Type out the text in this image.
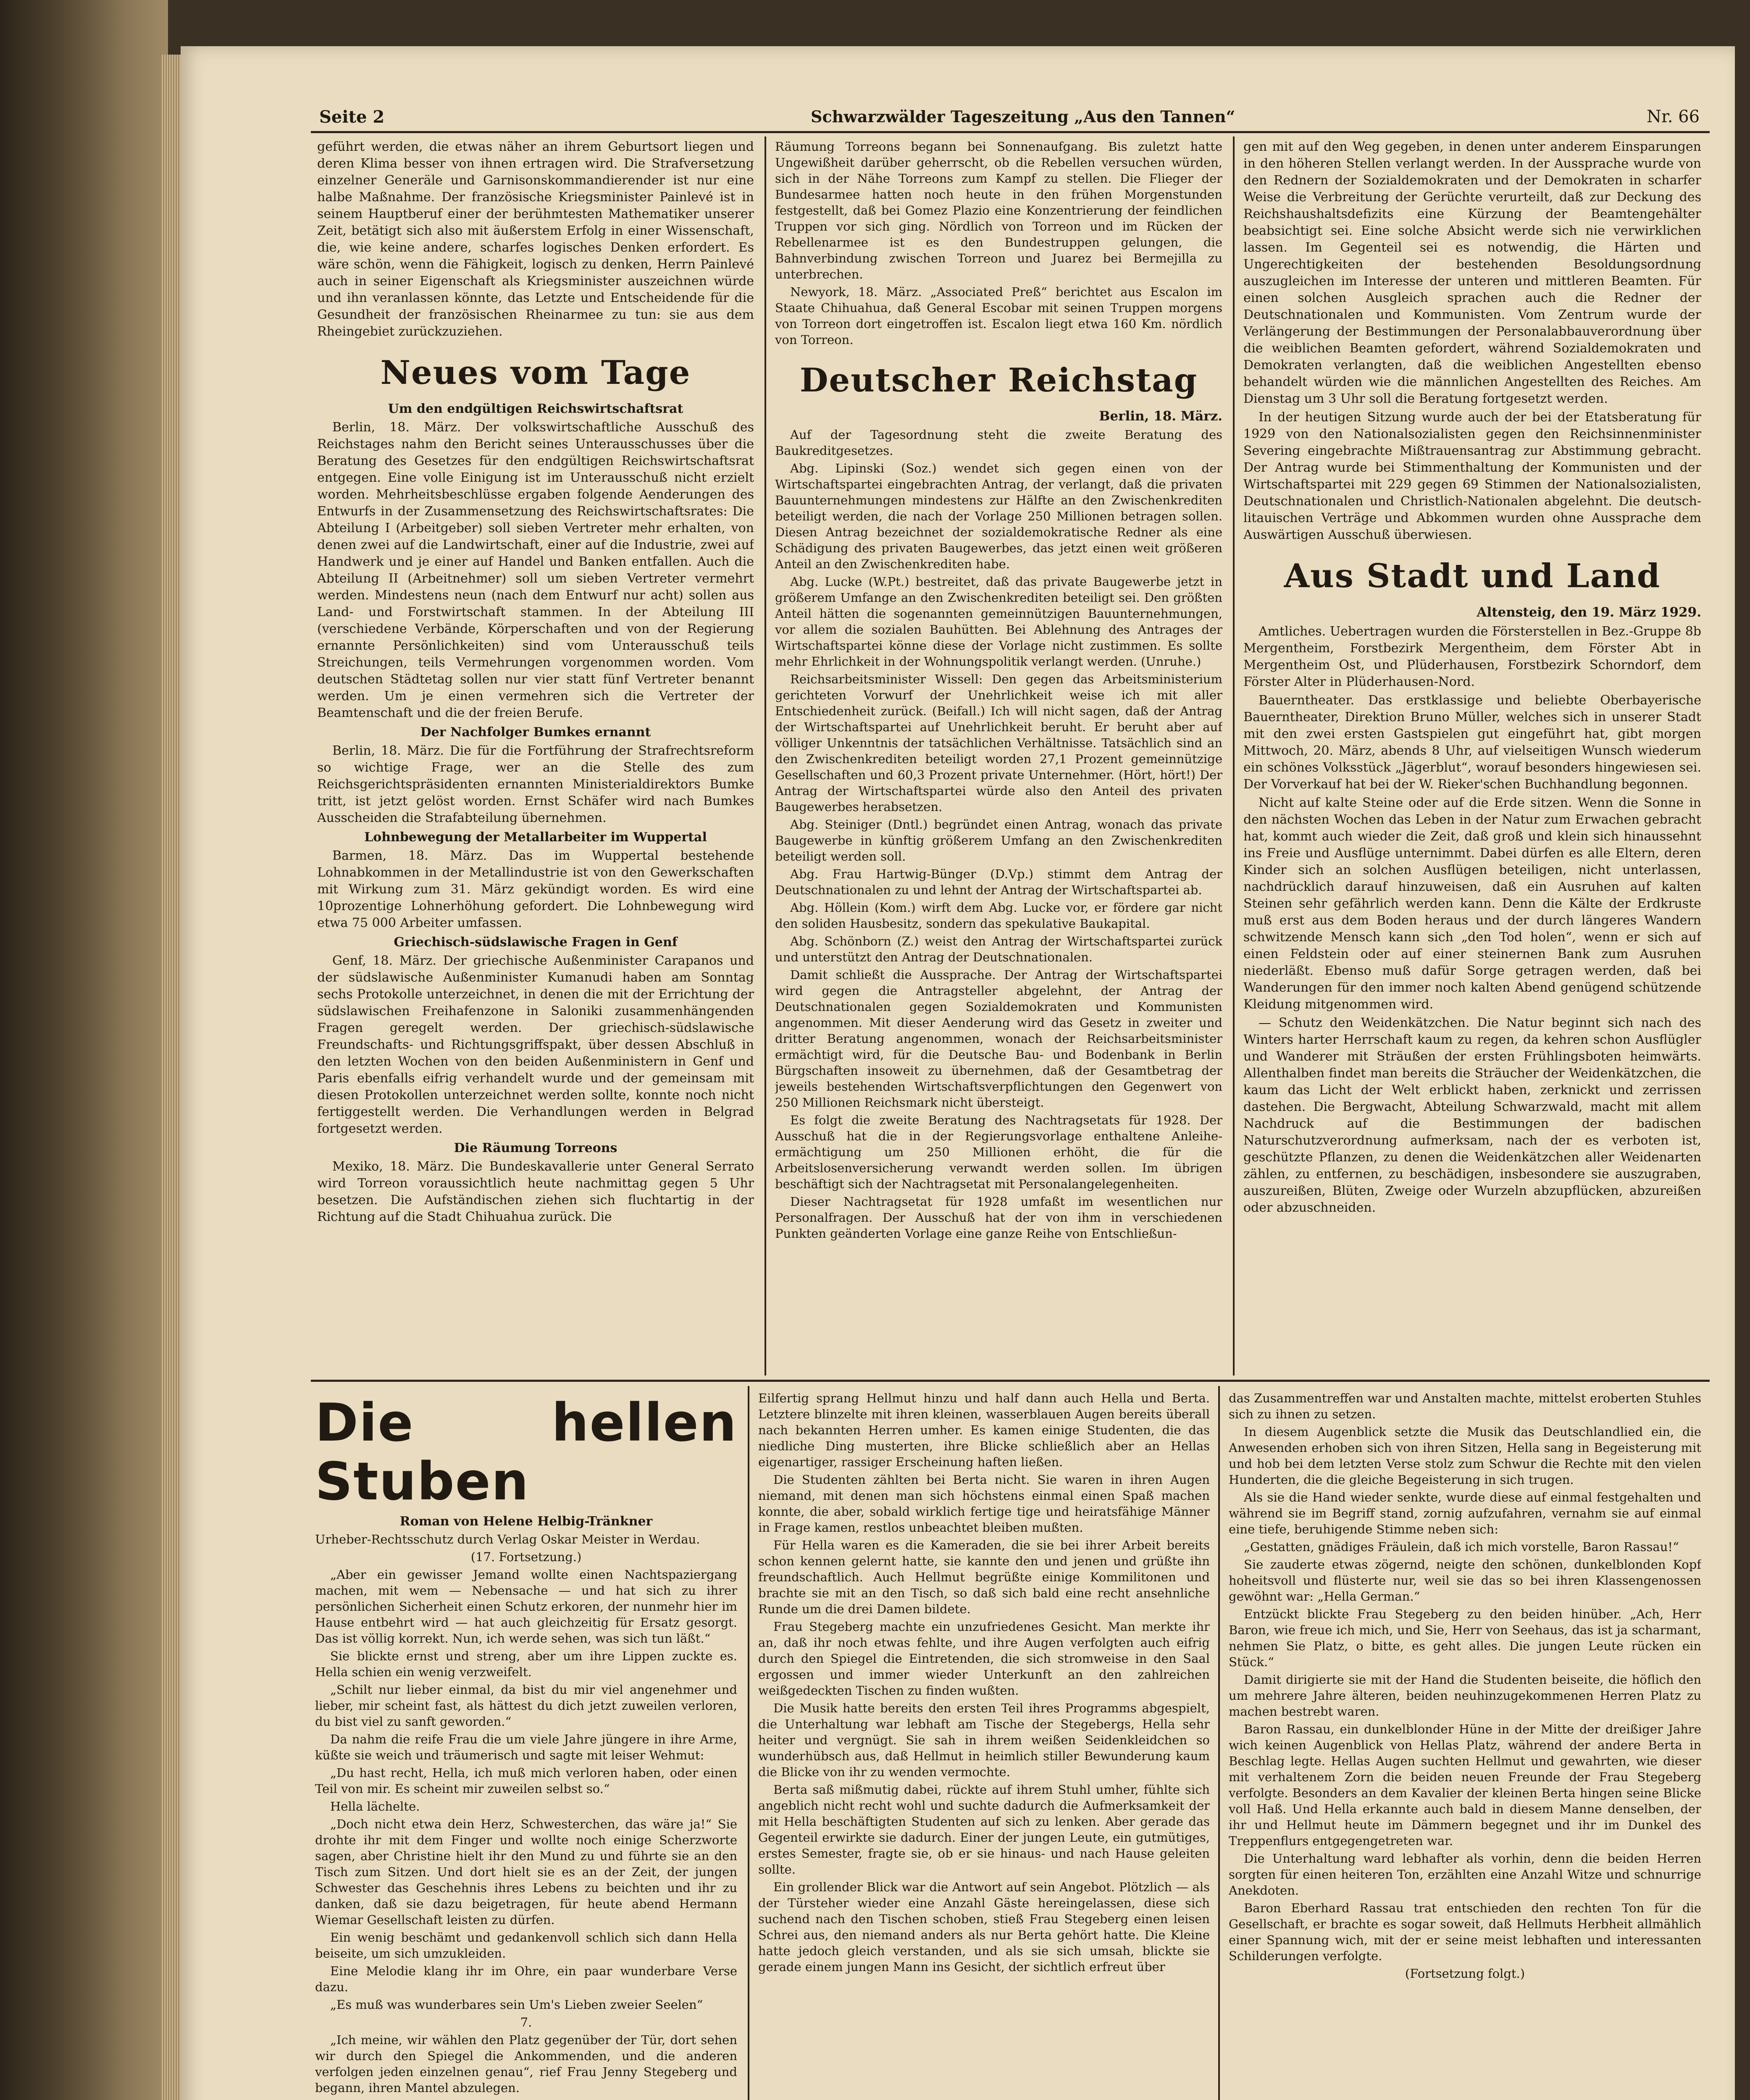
Seite 2	Schwarzwälder Tageszeitung „Aus den Tannen“	Nr. 66

geführt werden, die etwas näher an ihrem Geburtsort liegen und deren Klima besser von ihnen ertragen wird. Die Strafversetzung einzelner Generäle und Garnisonskommandierender ist nur eine halbe Maßnahme. Der französische Kriegsminister Painlevé ist in seinem Hauptberuf einer der berühmtesten Mathematiker unserer Zeit, betätigt sich also mit äußerstem Erfolg in einer Wissenschaft, die, wie keine andere, scharfes logisches Denken erfordert. Es wäre schön, wenn die Fähigkeit, logisch zu denken, Herrn Painlevé auch in seiner Eigenschaft als Kriegsminister auszeichnen würde und ihn veranlassen könnte, das Letzte und Entscheidende für die Gesundheit der französischen Rheinarmee zu tun: sie aus dem Rheingebiet zurückzuziehen.

Neues vom Tage
Um den endgültigen Reichswirtschaftsrat

Berlin, 18. März. Der volkswirtschaftliche Ausschuß des Reichstages nahm den Bericht seines Unterausschusses über die Beratung des Gesetzes für den endgültigen Reichswirtschaftsrat entgegen. Eine volle Einigung ist im Unterausschuß nicht erzielt worden. Mehrheitsbeschlüsse ergaben folgende Aenderungen des Entwurfs in der Zusammensetzung des Reichswirtschaftsrates: Die Abteilung I (Arbeitgeber) soll sieben Vertreter mehr erhalten, von denen zwei auf die Landwirtschaft, einer auf die Industrie, zwei auf Handwerk und je einer auf Handel und Banken entfallen. Auch die Abteilung II (Arbeitnehmer) soll um sieben Vertreter vermehrt werden. Mindestens neun (nach dem Entwurf nur acht) sollen aus Land- und Forstwirtschaft stammen. In der Abteilung III (verschiedene Verbände, Körperschaften und von der Regierung ernannte Persönlichkeiten) sind vom Unterausschuß teils Streichungen, teils Vermehrungen vorgenommen worden. Vom deutschen Städtetag sollen nur vier statt fünf Vertreter benannt werden. Um je einen vermehren sich die Vertreter der Beamtenschaft und die der freien Berufe.

Der Nachfolger Bumkes ernannt

Berlin, 18. März. Die für die Fortführung der Strafrechtsreform so wichtige Frage, wer an die Stelle des zum Reichsgerichtspräsidenten ernannten Ministerialdirektors Bumke tritt, ist jetzt gelöst worden. Ernst Schäfer wird nach Bumkes Ausscheiden die Strafabteilung übernehmen.

Lohnbewegung der Metallarbeiter im Wuppertal

Barmen, 18. März. Das im Wuppertal bestehende Lohnabkommen in der Metallindustrie ist von den Gewerkschaften mit Wirkung zum 31. März gekündigt worden. Es wird eine 10prozentige Lohnerhöhung gefordert. Die Lohnbewegung wird etwa 75 000 Arbeiter umfassen.

Griechisch-südslawische Fragen in Genf

Genf, 18. März. Der griechische Außenminister Carapanos und der südslawische Außenminister Kumanudi haben am Sonntag sechs Protokolle unterzeichnet, in denen die mit der Errichtung der südslawischen Freihafenzone in Saloniki zusammenhängenden Fragen geregelt werden. Der griechisch-südslawische Freundschafts- und Richtungsgriffspakt, über dessen Abschluß in den letzten Wochen von den beiden Außenministern in Genf und Paris ebenfalls eifrig verhandelt wurde und der gemeinsam mit diesen Protokollen unterzeichnet werden sollte, konnte noch nicht fertiggestellt werden. Die Verhandlungen werden in Belgrad fortgesetzt werden.

Die Räumung Torreons

Mexiko, 18. März. Die Bundeskavallerie unter General Serrato wird Torreon voraussichtlich heute nachmittag gegen 5 Uhr besetzen. Die Aufständischen ziehen sich fluchtartig in der Richtung auf die Stadt Chihuahua zurück. Die

Räumung Torreons begann bei Sonnenaufgang. Bis zuletzt hatte Ungewißheit darüber geherrscht, ob die Rebellen versuchen würden, sich in der Nähe Torreons zum Kampf zu stellen. Die Flieger der Bundesarmee hatten noch heute in den frühen Morgenstunden festgestellt, daß bei Gomez Plazio eine Konzentrierung der feindlichen Truppen vor sich ging. Nördlich von Torreon und im Rücken der Rebellenarmee ist es den Bundestruppen gelungen, die Bahnverbindung zwischen Torreon und Juarez bei Bermejilla zu unterbrechen.

Newyork, 18. März. „Associated Preß“ berichtet aus Escalon im Staate Chihuahua, daß General Escobar mit seinen Truppen morgens von Torreon dort eingetroffen ist. Escalon liegt etwa 160 Km. nördlich von Torreon.

Deutscher Reichstag
Berlin, 18. März.

Auf der Tagesordnung steht die zweite Beratung des Baukreditgesetzes.

Abg. Lipinski (Soz.) wendet sich gegen einen von der Wirtschaftspartei eingebrachten Antrag, der verlangt, daß die privaten Bauunternehmungen mindestens zur Hälfte an den Zwischenkrediten beteiligt werden, die nach der Vorlage 250 Millionen betragen sollen. Diesen Antrag bezeichnet der sozialdemokratische Redner als eine Schädigung des privaten Baugewerbes, das jetzt einen weit größeren Anteil an den Zwischenkrediten habe.

Abg. Lucke (W.Pt.) bestreitet, daß das private Baugewerbe jetzt in größerem Umfange an den Zwischenkrediten beteiligt sei. Den größten Anteil hätten die sogenannten gemeinnützigen Bauunternehmungen, vor allem die sozialen Bauhütten. Bei Ablehnung des Antrages der Wirtschaftspartei könne diese der Vorlage nicht zustimmen. Es sollte mehr Ehrlichkeit in der Wohnungspolitik verlangt werden. (Unruhe.)

Reichsarbeitsminister Wissell: Den gegen das Arbeitsministerium gerichteten Vorwurf der Unehrlichkeit weise ich mit aller Entschiedenheit zurück. (Beifall.) Ich will nicht sagen, daß der Antrag der Wirtschaftspartei auf Unehrlichkeit beruht. Er beruht aber auf völliger Unkenntnis der tatsächlichen Verhältnisse. Tatsächlich sind an den Zwischenkrediten beteiligt worden 27,1 Prozent gemeinnützige Gesellschaften und 60,3 Prozent private Unternehmer. (Hört, hört!) Der Antrag der Wirtschaftspartei würde also den Anteil des privaten Baugewerbes herabsetzen.

Abg. Steiniger (Dntl.) begründet einen Antrag, wonach das private Baugewerbe in künftig größerem Umfang an den Zwischenkrediten beteiligt werden soll.

Abg. Frau Hartwig-Bünger (D.Vp.) stimmt dem Antrag der Deutschnationalen zu und lehnt der Antrag der Wirtschaftspartei ab.

Abg. Höllein (Kom.) wirft dem Abg. Lucke vor, er fördere gar nicht den soliden Hausbesitz, sondern das spekulative Baukapital.

Abg. Schönborn (Z.) weist den Antrag der Wirtschaftspartei zurück und unterstützt den Antrag der Deutschnationalen.

Damit schließt die Aussprache. Der Antrag der Wirtschaftspartei wird gegen die Antragsteller abgelehnt, der Antrag der Deutschnationalen gegen Sozialdemokraten und Kommunisten angenommen. Mit dieser Aenderung wird das Gesetz in zweiter und dritter Beratung angenommen, wonach der Reichsarbeitsminister ermächtigt wird, für die Deutsche Bau- und Bodenbank in Berlin Bürgschaften insoweit zu übernehmen, daß der Gesamtbetrag der jeweils bestehenden Wirtschaftsverpflichtungen den Gegenwert von 250 Millionen Reichsmark nicht übersteigt.

Es folgt die zweite Beratung des Nachtragsetats für 1928. Der Ausschuß hat die in der Regierungsvorlage enthaltene Anleihe-ermächtigung um 250 Millionen erhöht, die für die Arbeitslosenversicherung verwandt werden sollen. Im übrigen beschäftigt sich der Nachtragsetat mit Personalangelegenheiten.

Dieser Nachtragsetat für 1928 umfaßt im wesentlichen nur Personalfragen. Der Ausschuß hat der von ihm in verschiedenen Punkten geänderten Vorlage eine ganze Reihe von Entschließun-

gen mit auf den Weg gegeben, in denen unter anderem Einsparungen in den höheren Stellen verlangt werden. In der Aussprache wurde von den Rednern der Sozialdemokraten und der Demokraten in scharfer Weise die Verbreitung der Gerüchte verurteilt, daß zur Deckung des Reichshaushaltsdefizits eine Kürzung der Beamtengehälter beabsichtigt sei. Eine solche Absicht werde sich nie verwirklichen lassen. Im Gegenteil sei es notwendig, die Härten und Ungerechtigkeiten der bestehenden Besoldungsordnung auszugleichen im Interesse der unteren und mittleren Beamten. Für einen solchen Ausgleich sprachen auch die Redner der Deutschnationalen und Kommunisten. Vom Zentrum wurde der Verlängerung der Bestimmungen der Personalabbauverordnung über die weiblichen Beamten gefordert, während Sozialdemokraten und Demokraten verlangten, daß die weiblichen Angestellten ebenso behandelt würden wie die männlichen Angestellten des Reiches. Am Dienstag um 3 Uhr soll die Beratung fortgesetzt werden.

In der heutigen Sitzung wurde auch der bei der Etatsberatung für 1929 von den Nationalsozialisten gegen den Reichsinnenminister Severing eingebrachte Mißtrauensantrag zur Abstimmung gebracht. Der Antrag wurde bei Stimmenthaltung der Kommunisten und der Wirtschaftspartei mit 229 gegen 69 Stimmen der Nationalsozialisten, Deutschnationalen und Christlich-Nationalen abgelehnt. Die deutsch-litauischen Verträge und Abkommen wurden ohne Aussprache dem Auswärtigen Ausschuß überwiesen.

Aus Stadt und Land
Altensteig, den 19. März 1929.

Amtliches. Uebertragen wurden die Försterstellen in Bez.-Gruppe 8b Mergentheim, Forstbezirk Mergentheim, dem Förster Abt in Mergentheim Ost, und Plüderhausen, Forstbezirk Schorndorf, dem Förster Alter in Plüderhausen-Nord.

Bauerntheater. Das erstklassige und beliebte Oberbayerische Bauerntheater, Direktion Bruno Müller, welches sich in unserer Stadt mit den zwei ersten Gastspielen gut eingeführt hat, gibt morgen Mittwoch, 20. März, abends 8 Uhr, auf vielseitigen Wunsch wiederum ein schönes Volksstück „Jägerblut“, worauf besonders hingewiesen sei. Der Vorverkauf hat bei der W. Rieker'schen Buchhandlung begonnen.

Nicht auf kalte Steine oder auf die Erde sitzen. Wenn die Sonne in den nächsten Wochen das Leben in der Natur zum Erwachen gebracht hat, kommt auch wieder die Zeit, daß groß und klein sich hinaussehnt ins Freie und Ausflüge unternimmt. Dabei dürfen es alle Eltern, deren Kinder sich an solchen Ausflügen beteiligen, nicht unterlassen, nachdrücklich darauf hinzuweisen, daß ein Ausruhen auf kalten Steinen sehr gefährlich werden kann. Denn die Kälte der Erdkruste muß erst aus dem Boden heraus und der durch längeres Wandern schwitzende Mensch kann sich „den Tod holen“, wenn er sich auf einen Feldstein oder auf einer steinernen Bank zum Ausruhen niederläßt. Ebenso muß dafür Sorge getragen werden, daß bei Wanderungen für den immer noch kalten Abend genügend schützende Kleidung mitgenommen wird.

— Schutz den Weidenkätzchen. Die Natur beginnt sich nach des Winters harter Herrschaft kaum zu regen, da kehren schon Ausflügler und Wanderer mit Sträußen der ersten Frühlingsboten heimwärts. Allenthalben findet man bereits die Sträucher der Weidenkätzchen, die kaum das Licht der Welt erblickt haben, zerknickt und zerrissen dastehen. Die Bergwacht, Abteilung Schwarzwald, macht mit allem Nachdruck auf die Bestimmungen der badischen Naturschutzverordnung aufmerksam, nach der es verboten ist, geschützte Pflanzen, zu denen die Weidenkätzchen aller Weidenarten zählen, zu entfernen, zu beschädigen, insbesondere sie auszugraben, auszureißen, Blüten, Zweige oder Wurzeln abzupflücken, abzureißen oder abzuschneiden.

Die hellen Stuben
Roman von Helene Helbig-Tränkner

Urheber-Rechtsschutz durch Verlag Oskar Meister in Werdau.

(17. Fortsetzung.)

„Aber ein gewisser Jemand wollte einen Nachtspaziergang machen, mit wem — Nebensache — und hat sich zu ihrer persönlichen Sicherheit einen Schutz erkoren, der nunmehr hier im Hause entbehrt wird — hat auch gleichzeitig für Ersatz gesorgt. Das ist völlig korrekt. Nun, ich werde sehen, was sich tun läßt.“

Sie blickte ernst und streng, aber um ihre Lippen zuckte es. Hella schien ein wenig verzweifelt.

„Schilt nur lieber einmal, da bist du mir viel angenehmer und lieber, mir scheint fast, als hättest du dich jetzt zuweilen verloren, du bist viel zu sanft geworden.“

Da nahm die reife Frau die um viele Jahre jüngere in ihre Arme, küßte sie weich und träumerisch und sagte mit leiser Wehmut:

„Du hast recht, Hella, ich muß mich verloren haben, oder einen Teil von mir. Es scheint mir zuweilen selbst so.“

Hella lächelte.

„Doch nicht etwa dein Herz, Schwesterchen, das wäre ja!“ Sie drohte ihr mit dem Finger und wollte noch einige Scherzworte sagen, aber Christine hielt ihr den Mund zu und führte sie an den Tisch zum Sitzen. Und dort hielt sie es an der Zeit, der jungen Schwester das Geschehnis ihres Lebens zu beichten und ihr zu danken, daß sie dazu beigetragen, für heute abend Hermann Wiemar Gesellschaft leisten zu dürfen.

Ein wenig beschämt und gedankenvoll schlich sich dann Hella beiseite, um sich umzukleiden.

Eine Melodie klang ihr im Ohre, ein paar wunderbare Verse dazu.

„Es muß was wunderbares sein Um's Lieben zweier Seelen“

7.

„Ich meine, wir wählen den Platz gegenüber der Tür, dort sehen wir durch den Spiegel die Ankommenden, und die anderen verfolgen jeden einzelnen genau“, rief Frau Jenny Stegeberg und begann, ihren Mantel abzulegen.

Eilfertig sprang Hellmut hinzu und half dann auch Hella und Berta. Letztere blinzelte mit ihren kleinen, wasserblauen Augen bereits überall nach bekannten Herren umher. Es kamen einige Studenten, die das niedliche Ding musterten, ihre Blicke schließlich aber an Hellas eigenartiger, rassiger Erscheinung haften ließen.

Die Studenten zählten bei Berta nicht. Sie waren in ihren Augen niemand, mit denen man sich höchstens einmal einen Spaß machen konnte, die aber, sobald wirklich fertige tige und heiratsfähige Männer in Frage kamen, restlos unbeachtet bleiben mußten.

Für Hella waren es die Kameraden, die sie bei ihrer Arbeit bereits schon kennen gelernt hatte, sie kannte den und jenen und grüßte ihn freundschaftlich. Auch Hellmut begrüßte einige Kommilitonen und brachte sie mit an den Tisch, so daß sich bald eine recht ansehnliche Runde um die drei Damen bildete.

Frau Stegeberg machte ein unzufriedenes Gesicht. Man merkte ihr an, daß ihr noch etwas fehlte, und ihre Augen verfolgten auch eifrig durch den Spiegel die Eintretenden, die sich stromweise in den Saal ergossen und immer wieder Unterkunft an den zahlreichen weißgedeckten Tischen zu finden wußten.

Die Musik hatte bereits den ersten Teil ihres Programms abgespielt, die Unterhaltung war lebhaft am Tische der Stegebergs, Hella sehr heiter und vergnügt. Sie sah in ihrem weißen Seidenkleidchen so wunderhübsch aus, daß Hellmut in heimlich stiller Bewunderung kaum die Blicke von ihr zu wenden vermochte.

Berta saß mißmutig dabei, rückte auf ihrem Stuhl umher, fühlte sich angeblich nicht recht wohl und suchte dadurch die Aufmerksamkeit der mit Hella beschäftigten Studenten auf sich zu lenken. Aber gerade das Gegenteil erwirkte sie dadurch. Einer der jungen Leute, ein gutmütiges, erstes Semester, fragte sie, ob er sie hinaus- und nach Hause geleiten sollte.

Ein grollender Blick war die Antwort auf sein Angebot. Plötzlich — als der Türsteher wieder eine Anzahl Gäste hereingelassen, diese sich suchend nach den Tischen schoben, stieß Frau Stegeberg einen leisen Schrei aus, den niemand anders als nur Berta gehört hatte. Die Kleine hatte jedoch gleich verstanden, und als sie sich umsah, blickte sie gerade einem jungen Mann ins Gesicht, der sichtlich erfreut über

das Zusammentreffen war und Anstalten machte, mittelst eroberten Stuhles sich zu ihnen zu setzen.

In diesem Augenblick setzte die Musik das Deutschlandlied ein, die Anwesenden erhoben sich von ihren Sitzen, Hella sang in Begeisterung mit und hob bei dem letzten Verse stolz zum Schwur die Rechte mit den vielen Hunderten, die die gleiche Begeisterung in sich trugen.

Als sie die Hand wieder senkte, wurde diese auf einmal festgehalten und während sie im Begriff stand, zornig aufzufahren, vernahm sie auf einmal eine tiefe, beruhigende Stimme neben sich:

„Gestatten, gnädiges Fräulein, daß ich mich vorstelle, Baron Rassau!“

Sie zauderte etwas zögernd, neigte den schönen, dunkelblonden Kopf hoheitsvoll und flüsterte nur, weil sie das so bei ihren Klassengenossen gewöhnt war: „Hella German.“

Entzückt blickte Frau Stegeberg zu den beiden hinüber. „Ach, Herr Baron, wie freue ich mich, und Sie, Herr von Seehaus, das ist ja scharmant, nehmen Sie Platz, o bitte, es geht alles. Die jungen Leute rücken ein Stück.“

Damit dirigierte sie mit der Hand die Studenten beiseite, die höflich den um mehrere Jahre älteren, beiden neuhinzugekommenen Herren Platz zu machen bestrebt waren.

Baron Rassau, ein dunkelblonder Hüne in der Mitte der dreißiger Jahre wich keinen Augenblick von Hellas Platz, während der andere Berta in Beschlag legte. Hellas Augen suchten Hellmut und gewahrten, wie dieser mit verhaltenem Zorn die beiden neuen Freunde der Frau Stegeberg verfolgte. Besonders an dem Kavalier der kleinen Berta hingen seine Blicke voll Haß. Und Hella erkannte auch bald in diesem Manne denselben, der ihr und Hellmut heute im Dämmern begegnet und ihr im Dunkel des Treppenflurs entgegengetreten war.

Die Unterhaltung ward lebhafter als vorhin, denn die beiden Herren sorgten für einen heiteren Ton, erzählten eine Anzahl Witze und schnurrige Anekdoten.

Baron Eberhard Rassau trat entschieden den rechten Ton für die Gesellschaft, er brachte es sogar soweit, daß Hellmuts Herbheit allmählich einer Spannung wich, mit der er seine meist lebhaften und interessanten Schilderungen verfolgte.

(Fortsetzung folgt.)
